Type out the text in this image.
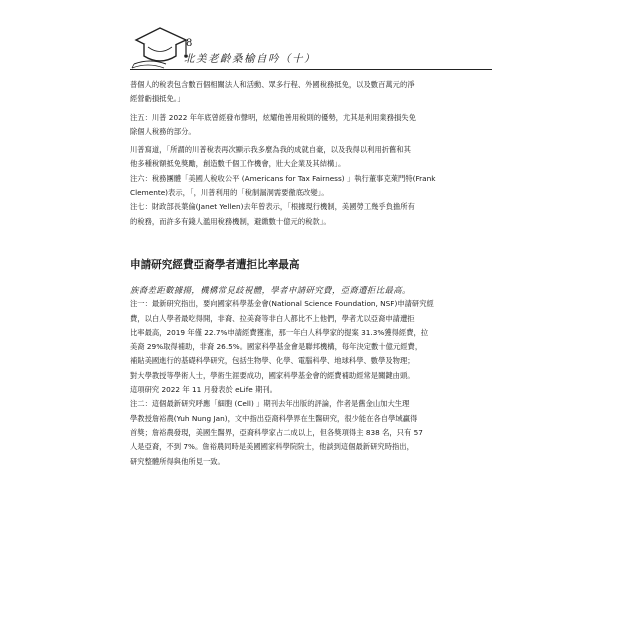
8
北美老齡桑榆自吟（十）

普個人的稅表包含數百個相關法人和活動、眾多行程、外國稅務抵免，以及數百萬元的淨

經營虧損抵免。」

注五：川普 2022 年年底曾經發布聲明，炫耀他善用稅則的優勢，尤其是利用業務損失免

除個人稅務的部分。

川普寫道，「所謂的川普稅表再次顯示我多麼為我的成就自豪，以及我得以利用折舊和其

他多種稅額抵免獎勵，創造數千個工作機會，壯大企業及其結構」。

注六：稅務團體「美國人稅收公平 (Americans for Tax Fairness) 」執行董事克萊門特(Frank

Clemente)表示，「，川普利用的「稅制漏洞需要徹底改變」。

注七：財政部長葉倫(Janet Yellen)去年曾表示，「根據現行機制，美國勞工幾乎負擔所有

的稅務，而許多有錢人濫用稅務機制，避繳數十億元的稅款」。

申請研究經費亞裔學者遭拒比率最高

族裔差距數據揚，機構常見歧視體，學者申請研究費，亞裔遭拒比最高。

注一：最新研究指出，要向國家科學基金會(National Science Foundation, NSF)申請研究經

費，以白人學者最吃得開，非裔、拉美裔等非白人都比不上他們，學者尤以亞裔申請遭拒

比率最高，2019 年僅 22.7%申請經費獲准，那一年白人科學家的提案 31.3%獲得經費，拉

美裔 29%取得補助，非裔 26.5%。國家科學基金會是聯邦機構，每年決定數十億元經費，

補貼美國進行的基礎科學研究，包括生物學、化學、電腦科學、地球科學、數學及物理；

對大學教授等學術人士，學術生涯要成功，國家科學基金會的經費補助經常是關鍵由頭。

這項研究 2022 年 11 月發表於 eLife 期刊。

注二：這個最新研究呼應「細胞 (Cell) 」期刊去年出版的評論，作者是舊金山加大生理

學教授詹裕農(Yuh Nung Jan)，文中指出亞裔科學界在生醫研究，很少能在各自學域贏得

首獎；詹裕農發現，美國生醫界，亞裔科學家占二成以上，但各獎項得主 838 名，只有 57

人是亞裔，不到 7%。詹裕農同時是美國國家科學院院士，他談到這個最新研究時指出，

研究整體所得與他所見一致。
